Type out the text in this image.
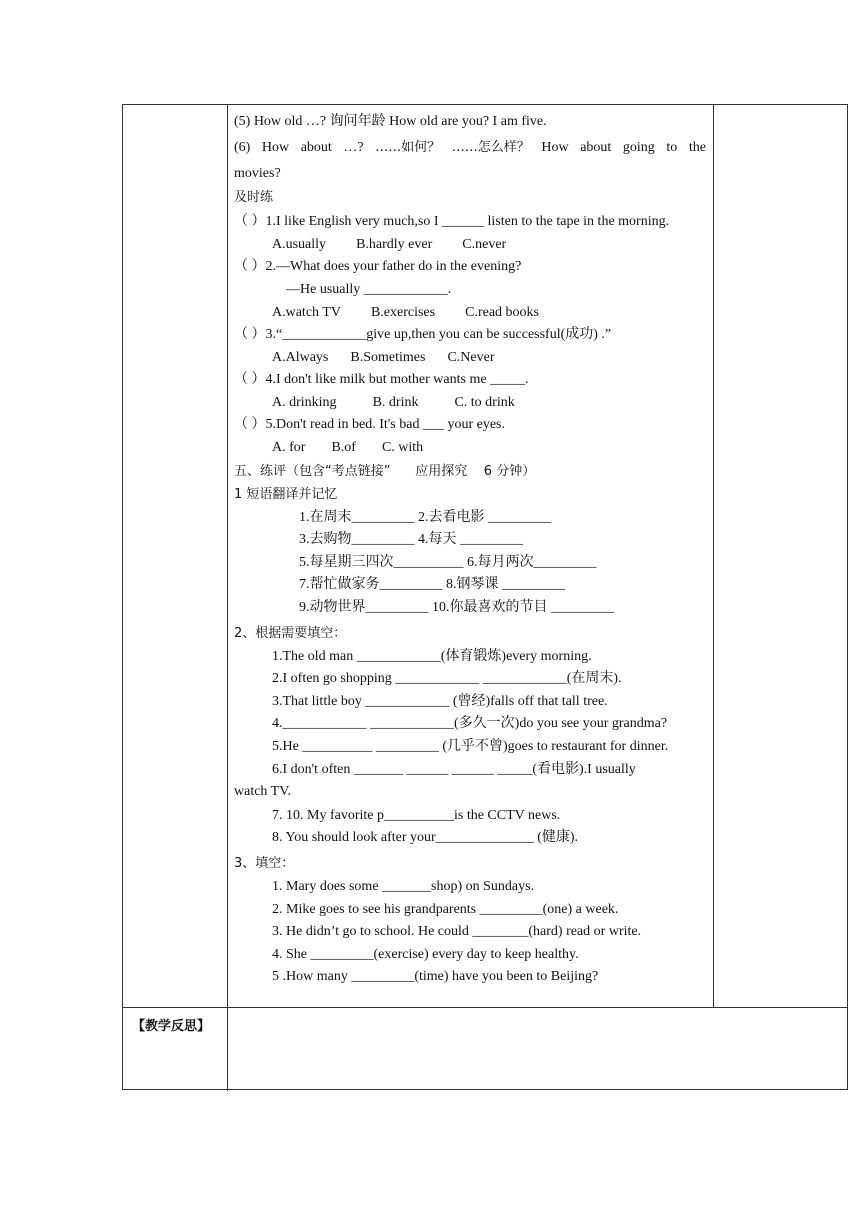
(5) How old …? 询问年龄 How old are you? I am five.
(6) How about …? ……如何？ ……怎么样？ How about going to the
movies?
及时练
（ ）1.I like English very much,so I ______ listen to the tape in the morning.
A.usually B.hardly ever C.never
（ ）2.—What does your father do in the evening?
—He usually ____________.
A.watch TV B.exercises C.read books
（ ）3.“____________give up,then you can be successful(成功) .”
A.Always B.Sometimes C.Never
（ ）4.I don't like milk but mother wants me _____.
A. drinking	B. drink	C. to drink
（ ）5.Don't read in bed. It's bad ___ your eyes.
A. for B.of C. with
五、练评（包含“考点链接”      应用探究    6 分钟）
1 短语翻译并记忆
1.在周末_________ 2.去看电影 _________
3.去购物_________ 4.每天 _________
5.每星期三四次__________ 6.每月两次_________
7.帮忙做家务_________ 8.钢琴课 _________
9.动物世界_________ 10.你最喜欢的节目 _________
2、根据需要填空：
1.The old man ____________(体育锻炼)every morning.
2.I often go shopping ____________ ____________(在周末).
3.That little boy ____________ (曾经)falls off that tall tree.
4.____________ ____________(多久一次)do you see your grandma?
5.He __________ _________ (几乎不曾)goes to restaurant for dinner.
6.I don't often _______ ______ ______ _____(看电影).I usually
watch TV.
7. 10. My favorite p__________is the CCTV news.
8. You should look after your______________ (健康).
3、填空：
1. Mary does some _______shop) on Sundays.
2. Mike goes to see his grandparents _________(one) a week.
3. He didn’t go to school. He could ________(hard) read or write.
4. She _________(exercise) every day to keep healthy.
5 .How many _________(time) have you been to Beijing?
【教学反思】
